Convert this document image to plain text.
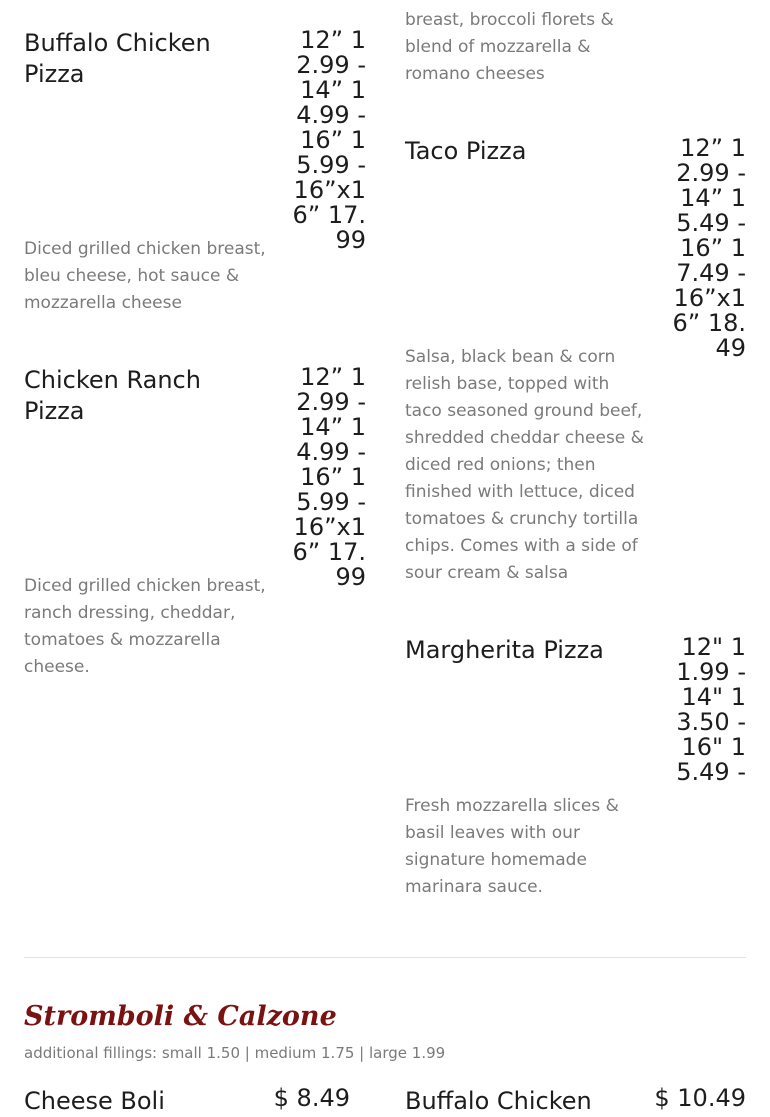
Buffalo Chicken Pizza
12” 12.99 - 14” 14.99 - 16” 15.99 - 16”x16” 17.99

Diced grilled chicken breast, bleu cheese, hot sauce & mozzarella cheese

Chicken Ranch Pizza
12” 12.99 - 14” 14.99 - 16” 15.99 - 16”x16” 17.99

Diced grilled chicken breast, ranch dressing, cheddar, tomatoes & mozzarella cheese.

breast, broccoli florets & blend of mozzarella & romano cheeses

Taco Pizza	12” 12.99 - 14” 15.49 - 16” 17.49 - 16”x16” 18.49

Salsa, black bean & corn relish base, topped with taco seasoned ground beef, shredded cheddar cheese & diced red onions; then finished with lettuce, diced tomatoes & crunchy tortilla chips. Comes with a side of sour cream & salsa

Margherita Pizza	12" 11.99 - 14" 13.50 - 16" 15.49 -

Fresh mozzarella slices & basil leaves with our signature homemade marinara sauce.

Stromboli & Calzone
additional fillings: small 1.50 | medium 1.75 | large 1.99
Cheese Boli	$ 8.49 Buffalo Chicken	$ 10.49
